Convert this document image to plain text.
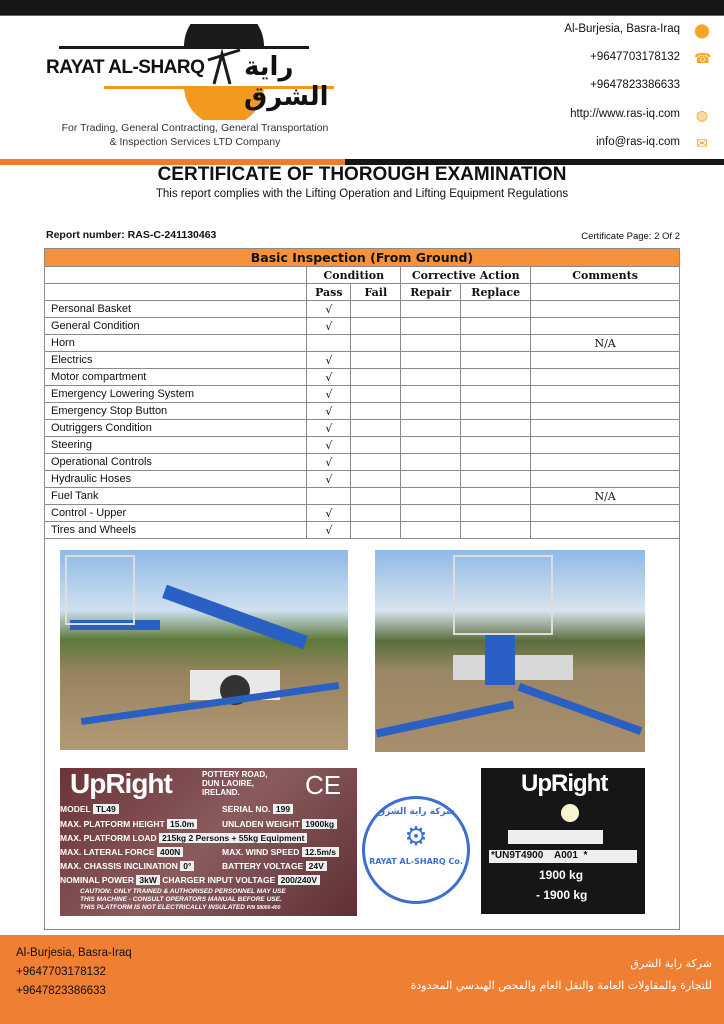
RAYAT AL-SHARQ راية الشرق
For Trading, General Contracting, General Transportation
& Inspection Services LTD Company
Al-Burjesia, Basra-Iraq ⬤
+9647703178132 ☎
+9647823386633
http://www.ras-iq.com ◍
info@ras-iq.com ✉
CERTIFICATE OF THOROUGH EXAMINATION
This report complies with the Lifting Operation and Lifting Equipment Regulations
Report number: RAS-C-241130463	Certificate Page: 2 Of 2
Basic Inspection (From Ground)					
	Condition		Corrective Action		Comments
	Pass	Fail	Repair	Replace	
Personal Basket	√				
General Condition	√				
Horn					N/A
Electrics	√				
Motor compartment	√				
Emergency Lowering System	√				
Emergency Stop Button	√				
Outriggers Condition	√				
Steering	√				
Operational Controls	√				
Hydraulic Hoses	√				
Fuel Tank					N/A
Control - Upper	√				
Tires and Wheels	√				
UpRight	POTTERY ROAD,
DUN LAOIRE,
IRELAND.	CE
MODEL TL49	SERIAL NO. 199
MAX. PLATFORM HEIGHT 15.0m	UNLADEN WEIGHT 1900kg
MAX. PLATFORM LOAD 215kg 2 Persons + 55kg Equipment
MAX. LATERAL FORCE 400N	MAX. WIND SPEED 12.5m/s
MAX. CHASSIS INCLINATION 0°	BATTERY VOLTAGE 24V
NOMINAL POWER 3kW CHARGER INPUT VOLTAGE 200/240V
CAUTION: ONLY TRAINED & AUTHORISED PERSONNEL MAY USE
THIS MACHINE - CONSULT OPERATORS MANUAL BEFORE USE.
THIS PLATFORM IS NOT ELECTRICALLY INSULATED P/N 58000-400
شركة راية الشرق
⚙
RAYAT AL-SHARQ Co.
UpRight
*UN9T4900    A001  *
1900 kg
- 1900 kg
Al-Burjesia, Basra-Iraq
+9647703178132
+9647823386633
شركة راية الشرق
للتجارة والمقاولات العامة والنقل العام والفحص الهندسي المحدودة
